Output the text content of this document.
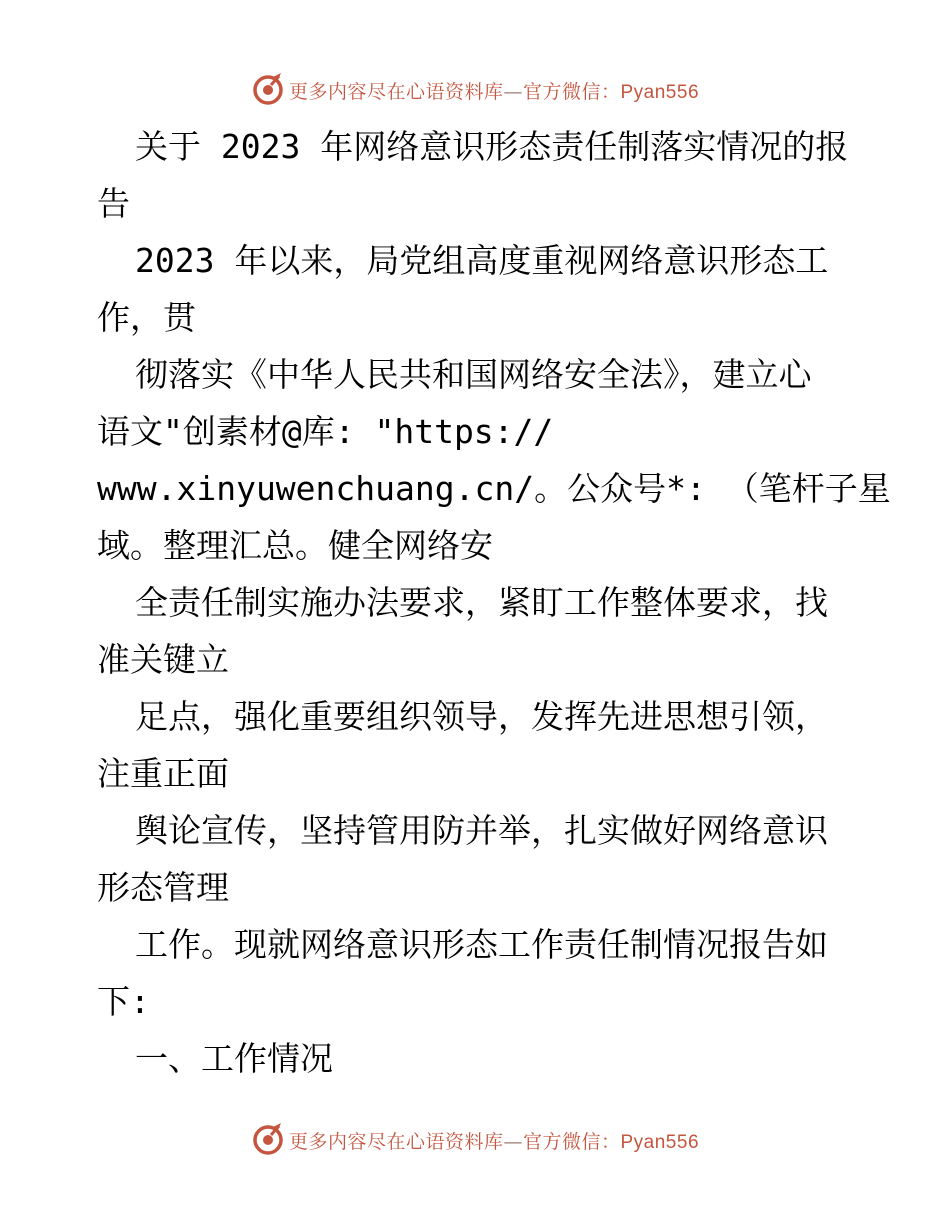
更多内容尽在心语资料库—官方微信：Pyan556
关于 2023 年网络意识形态责任制落实情况的报
告
2023 年以来，局党组高度重视网络意识形态工
作，贯
彻落实《中华人民共和国网络安全法》，建立心
语文"创素材@库: "https://
www.xinyuwenchuang.cn/。公众号*: （笔杆子星
域。整理汇总。健全网络安
全责任制实施办法要求，紧盯工作整体要求，找
准关键立
足点，强化重要组织领导，发挥先进思想引领，
注重正面
舆论宣传，坚持管用防并举，扎实做好网络意识
形态管理
工作。现就网络意识形态工作责任制情况报告如
下:
一、工作情况
更多内容尽在心语资料库—官方微信：Pyan556
